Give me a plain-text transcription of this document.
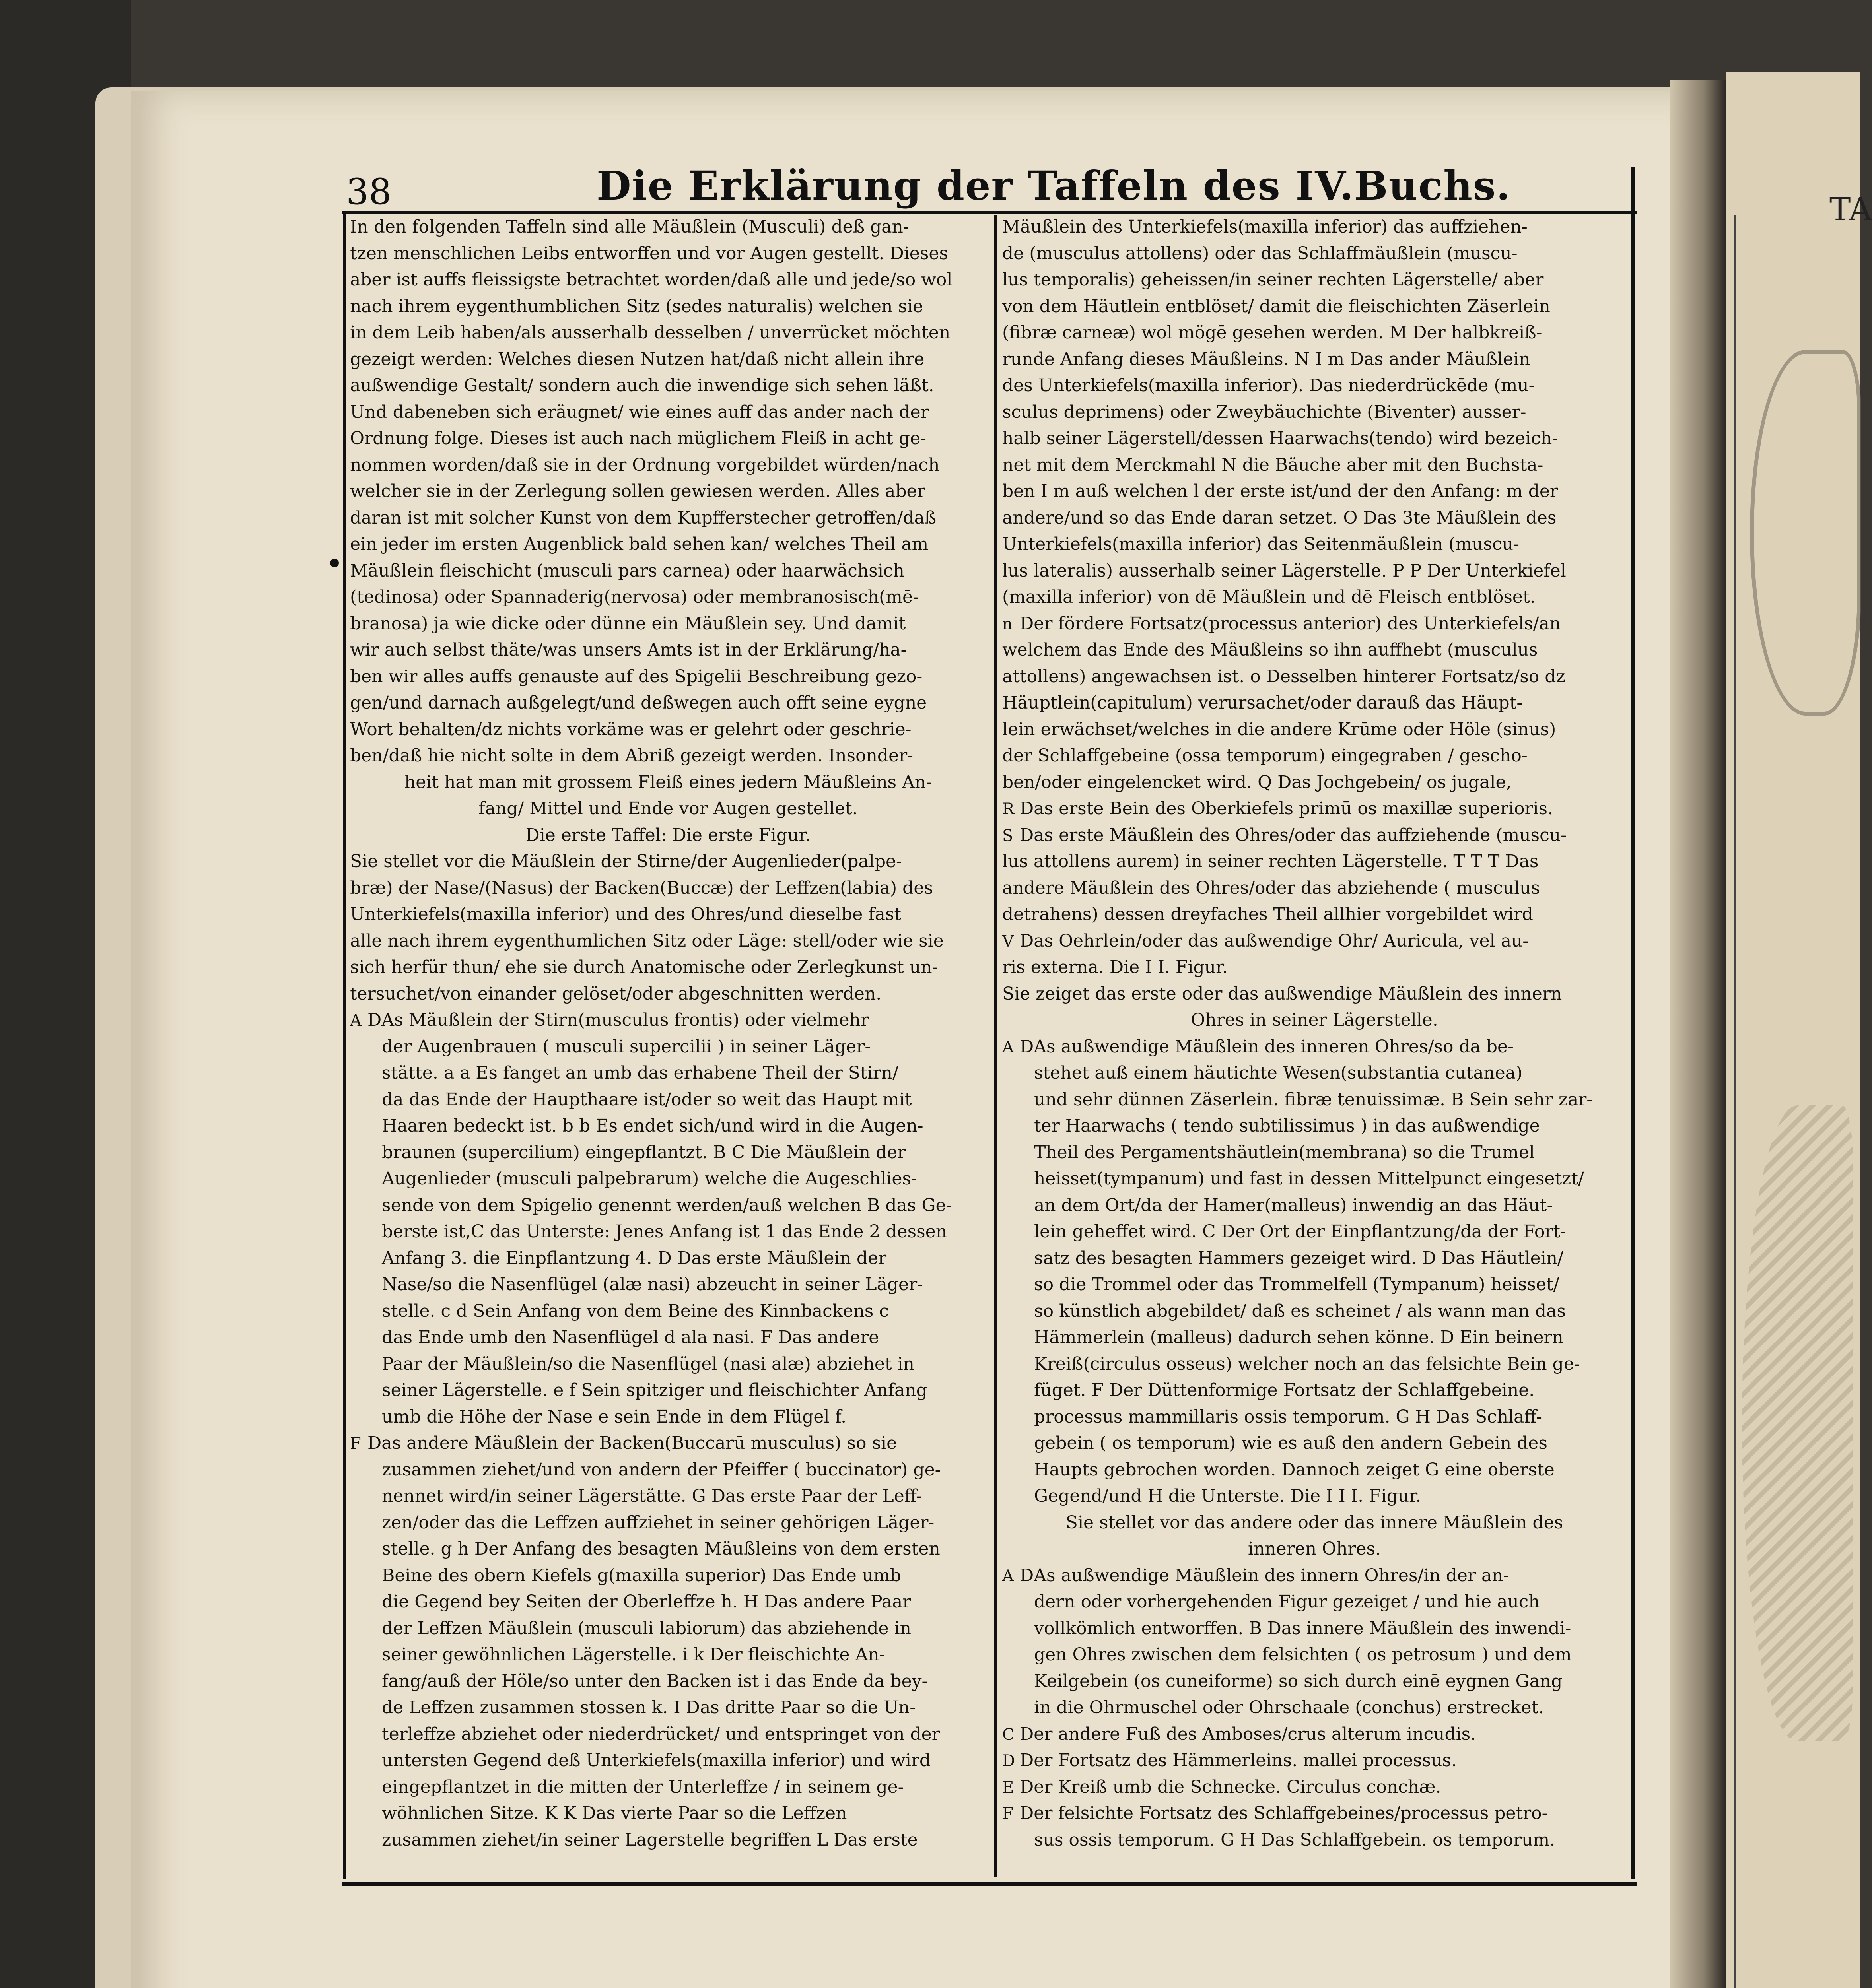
TA
38	Die Erklärung der Taffeln des IV.Buchs.
In den folgenden Taffeln sind alle Mäußlein (Musculi) deß gan-
tzen menschlichen Leibs entworffen und vor Augen gestellt. Dieses
aber ist auffs fleissigste betrachtet worden/daß alle und jede/so wol
nach ihrem eygenthumblichen Sitz (sedes naturalis) welchen sie
in dem Leib haben/als ausserhalb desselben / unverrücket möchten
gezeigt werden: Welches diesen Nutzen hat/daß nicht allein ihre
außwendige Gestalt/ sondern auch die inwendige sich sehen läßt.
Und dabeneben sich eräugnet/ wie eines auff das ander nach der
Ordnung folge. Dieses ist auch nach müglichem Fleiß in acht ge-
nommen worden/daß sie in der Ordnung vorgebildet würden/nach
welcher sie in der Zerlegung sollen gewiesen werden. Alles aber
daran ist mit solcher Kunst von dem Kupfferstecher getroffen/daß
ein jeder im ersten Augenblick bald sehen kan/ welches Theil am
Mäußlein fleischicht (musculi pars carnea) oder haarwächsich
(tedinosa) oder Spannaderig(nervosa) oder membranosisch(mē-
branosa) ja wie dicke oder dünne ein Mäußlein sey. Und damit
wir auch selbst thäte/was unsers Amts ist in der Erklärung/ha-
ben wir alles auffs genauste auf des Spigelii Beschreibung gezo-
gen/und darnach außgelegt/und deßwegen auch offt seine eygne
Wort behalten/dz nichts vorkäme was er gelehrt oder geschrie-
ben/daß hie nicht solte in dem Abriß gezeigt werden. Insonder-
heit hat man mit grossem Fleiß eines jedern Mäußleins An-
fang/ Mittel und Ende vor Augen gestellet.
Die erste Taffel: Die erste Figur.
Sie stellet vor die Mäußlein der Stirne/der Augenlieder(palpe-
bræ) der Nase/(Nasus) der Backen(Buccæ) der Leffzen(labia) des
Unterkiefels(maxilla inferior) und des Ohres/und dieselbe fast
alle nach ihrem eygenthumlichen Sitz oder Läge: stell/oder wie sie
sich herfür thun/ ehe sie durch Anatomische oder Zerlegkunst un-
tersuchet/von einander gelöset/oder abgeschnitten werden.
A DAs Mäußlein der Stirn(musculus frontis) oder vielmehr
der Augenbrauen ( musculi supercilii ) in seiner Läger-
stätte. a a Es fanget an umb das erhabene Theil der Stirn/
da das Ende der Haupthaare ist/oder so weit das Haupt mit
Haaren bedeckt ist. b b Es endet sich/und wird in die Augen-
braunen (supercilium) eingepflantzt. B C Die Mäußlein der
Augenlieder (musculi palpebrarum) welche die Augeschlies-
sende von dem Spigelio genennt werden/auß welchen B das Ge-
berste ist,C das Unterste: Jenes Anfang ist 1 das Ende 2 dessen
Anfang 3. die Einpflantzung 4. D Das erste Mäußlein der
Nase/so die Nasenflügel (alæ nasi) abzeucht in seiner Läger-
stelle. c d Sein Anfang von dem Beine des Kinnbackens c
das Ende umb den Nasenflügel d ala nasi. F Das andere
Paar der Mäußlein/so die Nasenflügel (nasi alæ) abziehet in
seiner Lägerstelle. e f Sein spitziger und fleischichter Anfang
umb die Höhe der Nase e sein Ende in dem Flügel f.
F Das andere Mäußlein der Backen(Buccarū musculus) so sie
zusammen ziehet/und von andern der Pfeiffer ( buccinator) ge-
nennet wird/in seiner Lägerstätte. G Das erste Paar der Leff-
zen/oder das die Leffzen auffziehet in seiner gehörigen Läger-
stelle. g h Der Anfang des besagten Mäußleins von dem ersten
Beine des obern Kiefels g(maxilla superior) Das Ende umb
die Gegend bey Seiten der Oberleffze h. H Das andere Paar
der Leffzen Mäußlein (musculi labiorum) das abziehende in
seiner gewöhnlichen Lägerstelle. i k Der fleischichte An-
fang/auß der Höle/so unter den Backen ist i das Ende da bey-
de Leffzen zusammen stossen k. I Das dritte Paar so die Un-
terleffze abziehet oder niederdrücket/ und entspringet von der
untersten Gegend deß Unterkiefels(maxilla inferior) und wird
eingepflantzet in die mitten der Unterleffze / in seinem ge-
wöhnlichen Sitze. K K Das vierte Paar so die Leffzen
zusammen ziehet/in seiner Lagerstelle begriffen L Das erste
Mäußlein des Unterkiefels(maxilla inferior) das auffziehen-
de (musculus attollens) oder das Schlaffmäußlein (muscu-
lus temporalis) geheissen/in seiner rechten Lägerstelle/ aber
von dem Häutlein entblöset/ damit die fleischichten Zäserlein
(fibræ carneæ) wol mögē gesehen werden. M Der halbkreiß-
runde Anfang dieses Mäußleins. N I m Das ander Mäußlein
des Unterkiefels(maxilla inferior). Das niederdrückēde (mu-
sculus deprimens) oder Zweybäuchichte (Biventer) ausser-
halb seiner Lägerstell/dessen Haarwachs(tendo) wird bezeich-
net mit dem Merckmahl N die Bäuche aber mit den Buchsta-
ben I m auß welchen l der erste ist/und der den Anfang: m der
andere/und so das Ende daran setzet. O Das 3te Mäußlein des
Unterkiefels(maxilla inferior) das Seitenmäußlein (muscu-
lus lateralis) ausserhalb seiner Lägerstelle. P P Der Unterkiefel
(maxilla inferior) von dē Mäußlein und dē Fleisch entblöset.
n Der fördere Fortsatz(processus anterior) des Unterkiefels/an
welchem das Ende des Mäußleins so ihn auffhebt (musculus
attollens) angewachsen ist. o Desselben hinterer Fortsatz/so dz
Häuptlein(capitulum) verursachet/oder darauß das Häupt-
lein erwächset/welches in die andere Krūme oder Höle (sinus)
der Schlaffgebeine (ossa temporum) eingegraben / gescho-
ben/oder eingelencket wird. Q Das Jochgebein/ os jugale,
R Das erste Bein des Oberkiefels primū os maxillæ superioris.
S Das erste Mäußlein des Ohres/oder das auffziehende (muscu-
lus attollens aurem) in seiner rechten Lägerstelle. T T T Das
andere Mäußlein des Ohres/oder das abziehende ( musculus
detrahens) dessen dreyfaches Theil allhier vorgebildet wird
V Das Oehrlein/oder das außwendige Ohr/ Auricula, vel au-
ris externa. Die I I. Figur.
Sie zeiget das erste oder das außwendige Mäußlein des innern
Ohres in seiner Lägerstelle.
A DAs außwendige Mäußlein des inneren Ohres/so da be-
stehet auß einem häutichte Wesen(substantia cutanea)
und sehr dünnen Zäserlein. fibræ tenuissimæ. B Sein sehr zar-
ter Haarwachs ( tendo subtilissimus ) in das außwendige
Theil des Pergamentshäutlein(membrana) so die Trumel
heisset(tympanum) und fast in dessen Mittelpunct eingesetzt/
an dem Ort/da der Hamer(malleus) inwendig an das Häut-
lein geheffet wird. C Der Ort der Einpflantzung/da der Fort-
satz des besagten Hammers gezeiget wird. D Das Häutlein/
so die Trommel oder das Trommelfell (Tympanum) heisset/
so künstlich abgebildet/ daß es scheinet / als wann man das
Hämmerlein (malleus) dadurch sehen könne. D Ein beinern
Kreiß(circulus osseus) welcher noch an das felsichte Bein ge-
füget. F Der Düttenformige Fortsatz der Schlaffgebeine.
processus mammillaris ossis temporum. G H Das Schlaff-
gebein ( os temporum) wie es auß den andern Gebein des
Haupts gebrochen worden. Dannoch zeiget G eine oberste
Gegend/und H die Unterste. Die I I I. Figur.
Sie stellet vor das andere oder das innere Mäußlein des
inneren Ohres.
A DAs außwendige Mäußlein des innern Ohres/in der an-
dern oder vorhergehenden Figur gezeiget / und hie auch
vollkömlich entworffen. B Das innere Mäußlein des inwendi-
gen Ohres zwischen dem felsichten ( os petrosum ) und dem
Keilgebein (os cuneiforme) so sich durch einē eygnen Gang
in die Ohrmuschel oder Ohrschaale (conchus) erstrecket.
C Der andere Fuß des Amboses/crus alterum incudis.
D Der Fortsatz des Hämmerleins. mallei processus.
E Der Kreiß umb die Schnecke. Circulus conchæ.
F Der felsichte Fortsatz des Schlaffgebeines/processus petro-
sus ossis temporum. G H Das Schlaffgebein. os temporum.
